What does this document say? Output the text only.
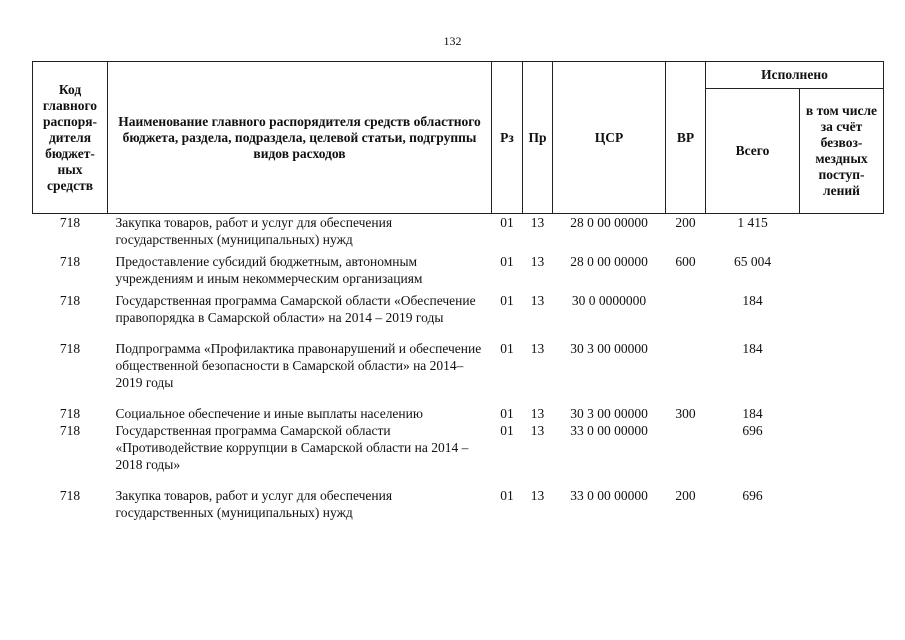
132
Код главного распоря-дителя бюджет-ных средств	Наименование главного распорядителя средств областного бюджета, раздела, подраздела, целевой статьи, подгруппы видов расходов	Рз	Пр	ЦСР	ВР	Исполнено	
						Всего	в том числе за счёт безвоз-мездных поступ-лений
718	Закупка товаров, работ и услуг для обеспечения государственных (муниципальных) нужд	01	13	28 0 00 00000	200	1 415	
718	Предоставление субсидий бюджетным, автономным учреждениям и иным некоммерческим организациям	01	13	28 0 00 00000	600	65 004	
718	Государственная программа Самарской области «Обеспечение правопорядка в Самарской области» на 2014 – 2019 годы	01	13	30 0 0000000		184	
718	Подпрограмма «Профилактика правонарушений и обеспечение общественной безопасности в Самарской области» на 2014–2019 годы	01	13	30 3 00 00000		184	
718	Социальное обеспечение и иные выплаты населению	01	13	30 3 00 00000	300	184	
718	Государственная программа Самарской области «Противодействие коррупции в Самарской области на 2014 – 2018 годы»	01	13	33 0 00 00000		696	
718	Закупка товаров, работ и услуг для обеспечения государственных (муниципальных) нужд	01	13	33 0 00 00000	200	696	
